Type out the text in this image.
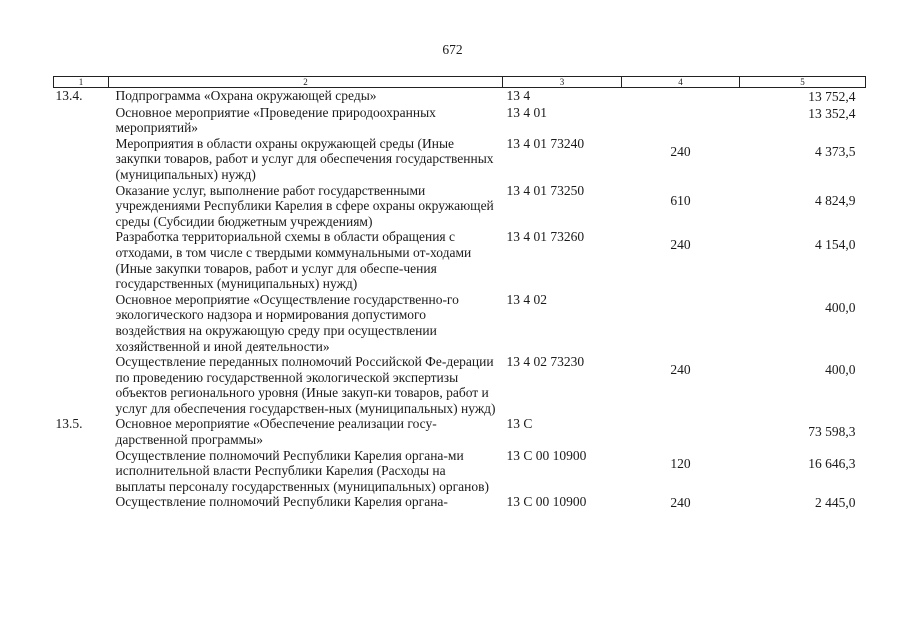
672
1	2	3	4	5
13.4.	Подпрограмма «Охрана окружающей среды»	13 4		13 752,4
	Основное мероприятие «Проведение природоохранных мероприятий»	13 4 01		13 352,4
	Мероприятия в области охраны окружающей среды (Иные закупки товаров, работ и услуг для обеспечения государственных (муниципальных) нужд)	13 4 01 73240	240	4 373,5
	Оказание услуг, выполнение работ государственными учреждениями Республики Карелия в сфере охраны окружающей среды (Субсидии бюджетным учреждениям)	13 4 01 73250	610	4 824,9
	Разработка территориальной схемы в области обращения с отходами, в том числе с твердыми коммунальными от-ходами (Иные закупки товаров, работ и услуг для обеспе-чения государственных (муниципальных) нужд)	13 4 01 73260	240	4 154,0
	Основное мероприятие «Осуществление государственно-го экологического надзора и нормирования допустимого воздействия на окружающую среду при осуществлении хозяйственной и иной деятельности»	13 4 02		400,0
	Осуществление переданных полномочий Российской Фе-дерации по проведению государственной экологической экспертизы объектов регионального уровня (Иные закуп-ки товаров, работ и услуг для обеспечения государствен-ных (муниципальных) нужд)	13 4 02 73230	240	400,0
13.5.	Основное мероприятие «Обеспечение реализации госу-дарственной программы»	13 С		73 598,3
	Осуществление полномочий Республики Карелия органа-ми исполнительной власти Республики Карелия (Расходы на выплаты персоналу государственных (муниципальных) органов)	13 С 00 10900	120	16 646,3
	Осуществление полномочий Республики Карелия органа-	13 С 00 10900	240	2 445,0
